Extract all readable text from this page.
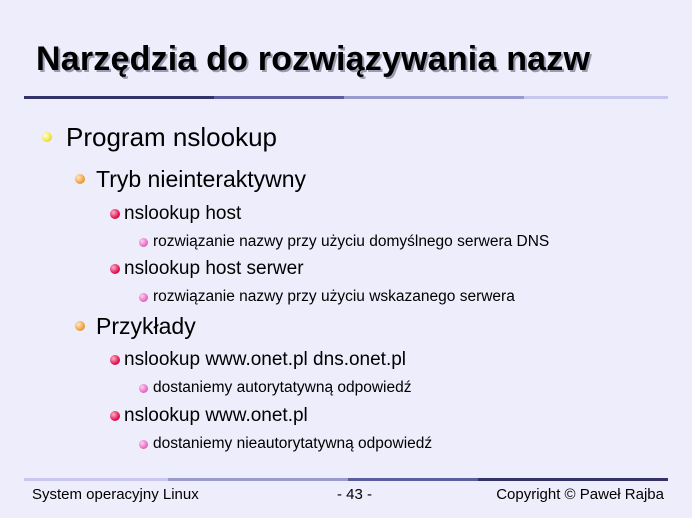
Narzędzia do rozwiązywania nazw
Program nslookup
Tryb nieinteraktywny
nslookup host
rozwiązanie nazwy przy użyciu domyślnego serwera DNS
nslookup host serwer
rozwiązanie nazwy przy użyciu wskazanego serwera
Przykłady
nslookup www.onet.pl dns.onet.pl
dostaniemy autorytatywną odpowiedź
nslookup www.onet.pl
dostaniemy nieautorytatywną odpowiedź
System operacyjny Linux	- 43 -	Copyright © Paweł Rajba
